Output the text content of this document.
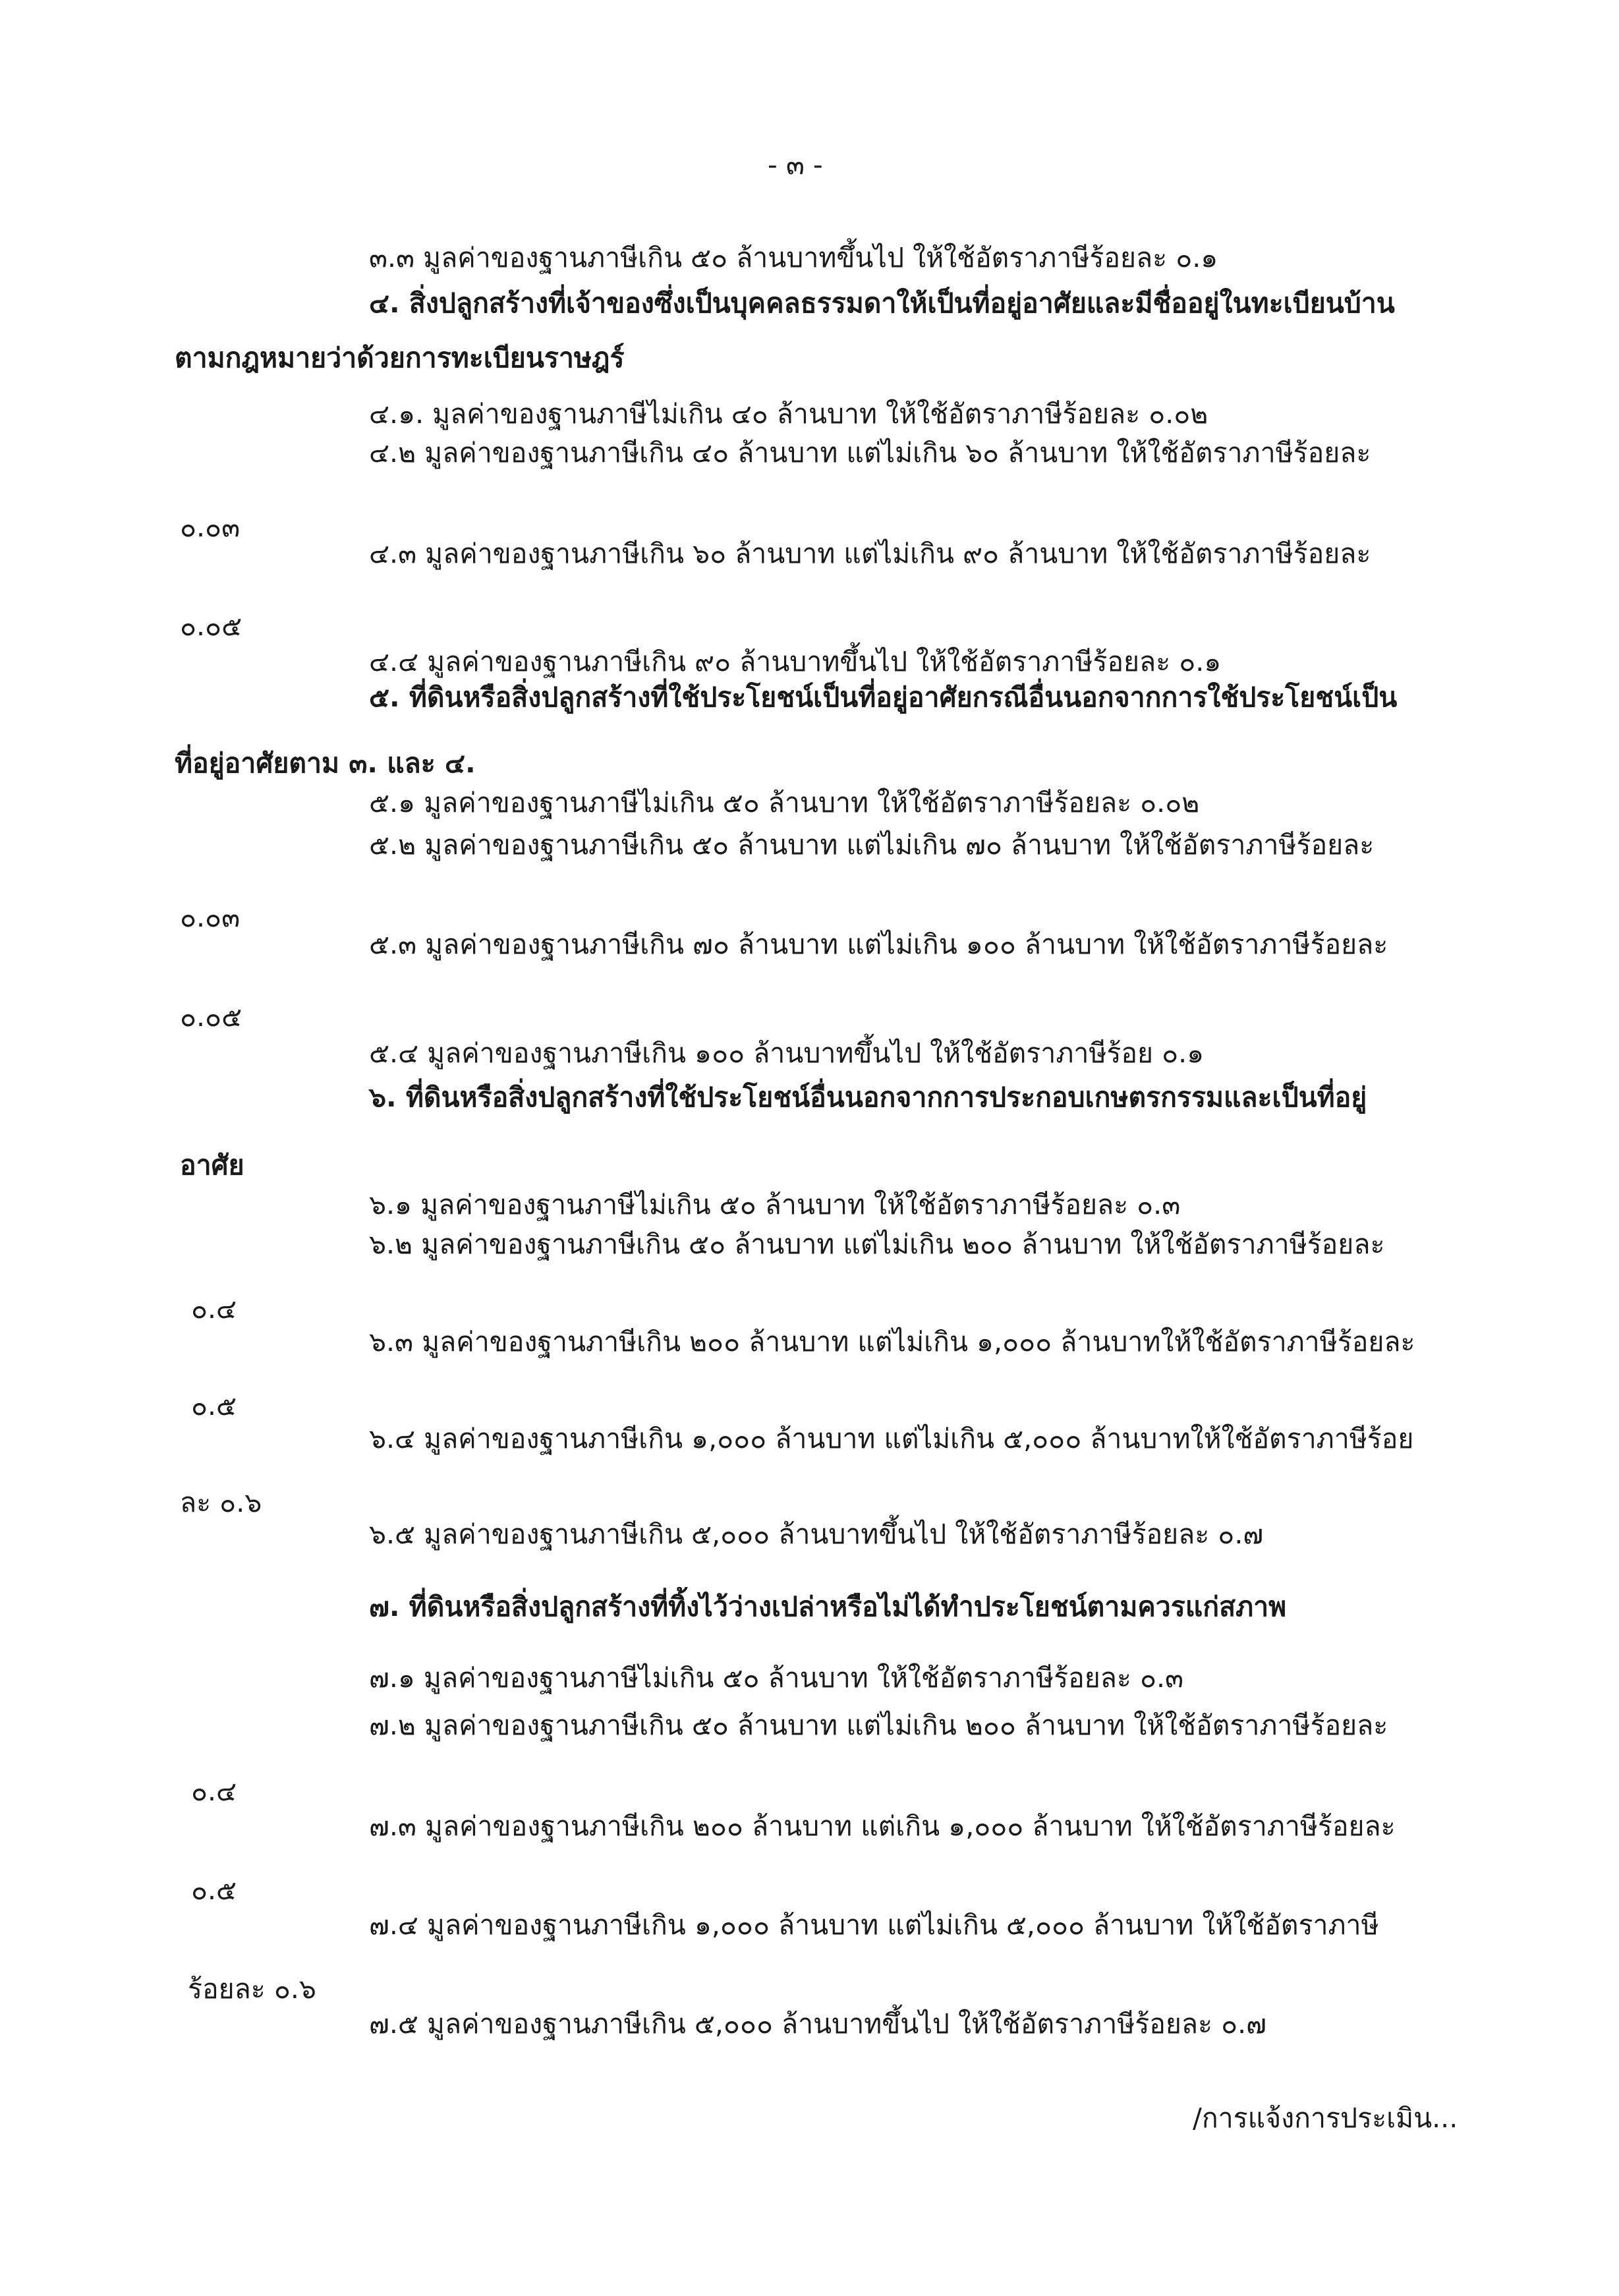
- ๓ -
๓.๓ มูลค่าของฐานภาษีเกิน ๕๐ ล้านบาทขึ้นไป ให้ใช้อัตราภาษีร้อยละ ๐.๑
๔. สิ่งปลูกสร้างที่เจ้าของซึ่งเป็นบุคคลธรรมดาให้เป็นที่อยู่อาศัยและมีชื่ออยู่ในทะเบียนบ้าน
ตามกฎหมายว่าด้วยการทะเบียนราษฎร์
๔.๑. มูลค่าของฐานภาษีไม่เกิน ๔๐ ล้านบาท ให้ใช้อัตราภาษีร้อยละ ๐.๐๒
๔.๒ มูลค่าของฐานภาษีเกิน ๔๐ ล้านบาท แต่ไม่เกิน ๖๐ ล้านบาท ให้ใช้อัตราภาษีร้อยละ
๐.๐๓
๔.๓ มูลค่าของฐานภาษีเกิน ๖๐ ล้านบาท แต่ไม่เกิน ๙๐ ล้านบาท ให้ใช้อัตราภาษีร้อยละ
๐.๐๕
๔.๔ มูลค่าของฐานภาษีเกิน ๙๐ ล้านบาทขึ้นไป ให้ใช้อัตราภาษีร้อยละ ๐.๑
๕. ที่ดินหรือสิ่งปลูกสร้างที่ใช้ประโยชน์เป็นที่อยู่อาศัยกรณีอื่นนอกจากการใช้ประโยชน์เป็น
ที่อยู่อาศัยตาม ๓. และ ๔.
๕.๑ มูลค่าของฐานภาษีไม่เกิน ๕๐ ล้านบาท ให้ใช้อัตราภาษีร้อยละ ๐.๐๒
๕.๒ มูลค่าของฐานภาษีเกิน ๕๐ ล้านบาท แต่ไม่เกิน ๗๐ ล้านบาท ให้ใช้อัตราภาษีร้อยละ
๐.๐๓
๕.๓ มูลค่าของฐานภาษีเกิน ๗๐ ล้านบาท แต่ไม่เกิน ๑๐๐ ล้านบาท ให้ใช้อัตราภาษีร้อยละ
๐.๐๕
๕.๔ มูลค่าของฐานภาษีเกิน ๑๐๐ ล้านบาทขึ้นไป ให้ใช้อัตราภาษีร้อย ๐.๑
๖. ที่ดินหรือสิ่งปลูกสร้างที่ใช้ประโยชน์อื่นนอกจากการประกอบเกษตรกรรมและเป็นที่อยู่
อาศัย
๖.๑ มูลค่าของฐานภาษีไม่เกิน ๕๐ ล้านบาท ให้ใช้อัตราภาษีร้อยละ ๐.๓
๖.๒ มูลค่าของฐานภาษีเกิน ๕๐ ล้านบาท แต่ไม่เกิน ๒๐๐ ล้านบาท ให้ใช้อัตราภาษีร้อยละ
๐.๔
๖.๓ มูลค่าของฐานภาษีเกิน ๒๐๐ ล้านบาท แต่ไม่เกิน ๑,๐๐๐ ล้านบาทให้ใช้อัตราภาษีร้อยละ
๐.๕
๖.๔ มูลค่าของฐานภาษีเกิน ๑,๐๐๐ ล้านบาท แต่ไม่เกิน ๕,๐๐๐ ล้านบาทให้ใช้อัตราภาษีร้อย
ละ ๐.๖
๖.๕ มูลค่าของฐานภาษีเกิน ๕,๐๐๐ ล้านบาทขึ้นไป ให้ใช้อัตราภาษีร้อยละ ๐.๗
๗. ที่ดินหรือสิ่งปลูกสร้างที่ทิ้งไว้ว่างเปล่าหรือไม่ได้ทำประโยชน์ตามควรแก่สภาพ
๗.๑ มูลค่าของฐานภาษีไม่เกิน ๕๐ ล้านบาท ให้ใช้อัตราภาษีร้อยละ ๐.๓
๗.๒ มูลค่าของฐานภาษีเกิน ๕๐ ล้านบาท แต่ไม่เกิน ๒๐๐ ล้านบาท ให้ใช้อัตราภาษีร้อยละ
๐.๔
๗.๓ มูลค่าของฐานภาษีเกิน ๒๐๐ ล้านบาท แต่เกิน ๑,๐๐๐ ล้านบาท ให้ใช้อัตราภาษีร้อยละ
๐.๕
๗.๔ มูลค่าของฐานภาษีเกิน ๑,๐๐๐ ล้านบาท แต่ไม่เกิน ๕,๐๐๐ ล้านบาท ให้ใช้อัตราภาษี
ร้อยละ ๐.๖
๗.๕ มูลค่าของฐานภาษีเกิน ๕,๐๐๐ ล้านบาทขึ้นไป ให้ใช้อัตราภาษีร้อยละ ๐.๗
/การแจ้งการประเมิน...
